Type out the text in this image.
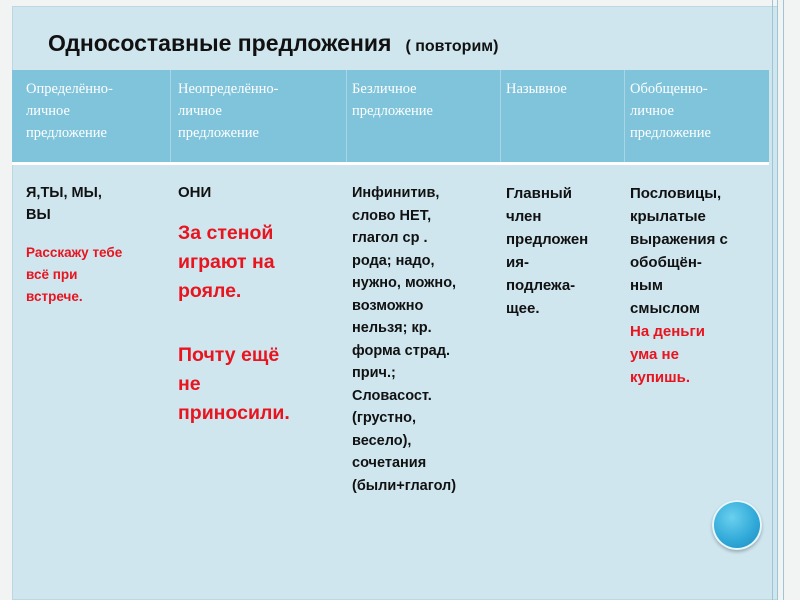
Односоставные предложения ( повторим)
Определённо-
личное
предложение
Неопределённо-
личное
предложение
Безличное
предложение
Назывное	Обобщенно-
личное
предложение
Я,ТЫ, МЫ,
ВЫ
Расскажу тебе
всё при
встрече.
ОНИ
За стеной
играют на
рояле.
Почту ещё
не
приносили.
Инфинитив,
слово НЕТ,
глагол ср .
рода; надо,
нужно, можно,
возможно
нельзя; кр.
форма страд.
прич.;
Словасост.
(грустно,
весело),
сочетания
(были+глагол)
Главный
член
предложен
ия-
подлежа-
щее.
Пословицы,
крылатые
выражения с
обобщён-
ным
смыслом
На деньги
ума не
купишь.
